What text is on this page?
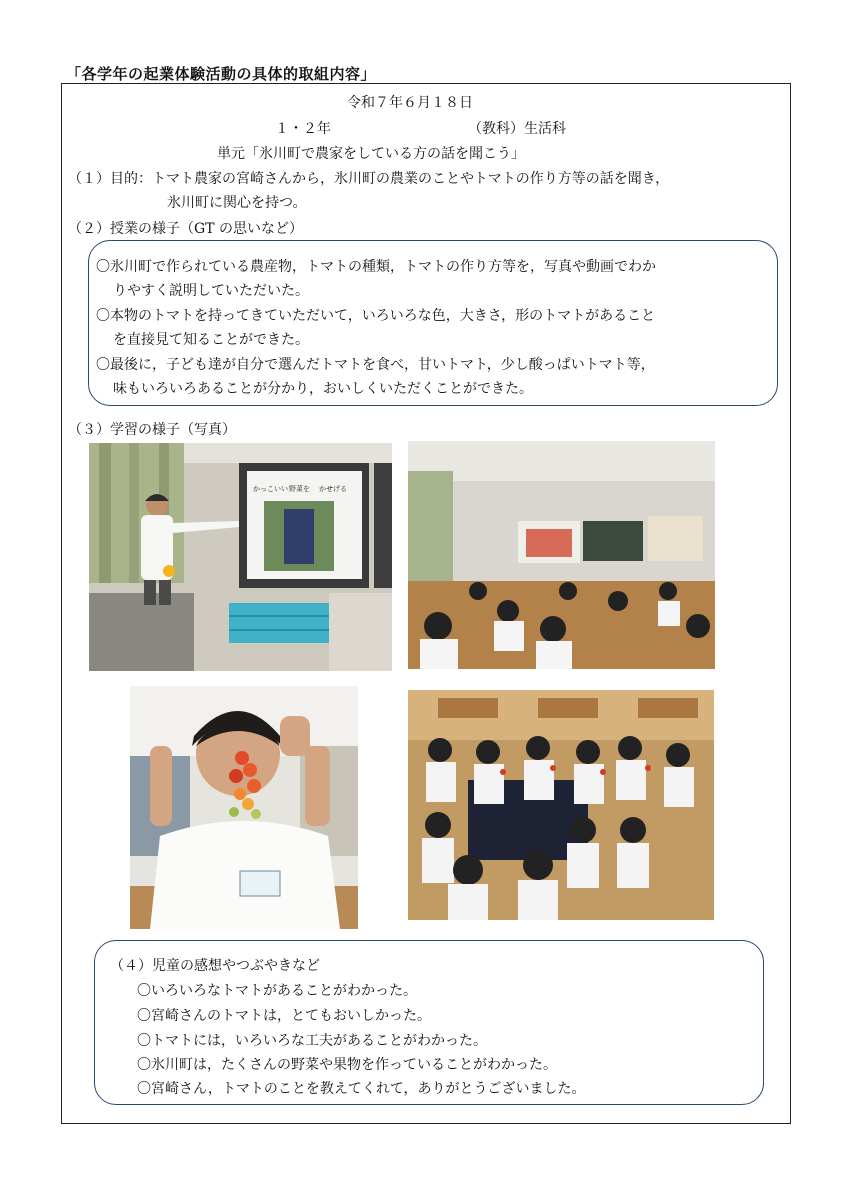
「各学年の起業体験活動の具体的取組内容」
令和７年６月１８日
１・２年	（教科）生活科
単元「氷川町で農家をしている方の話を聞こう」
（１）目的：トマト農家の宮崎さんから，氷川町の農業のことやトマトの作り方等の話を聞き，
氷川町に関心を持つ。
（２）授業の様子（GT の思いなど）
〇氷川町で作られている農産物，トマトの種類，トマトの作り方等を，写真や動画でわか
りやすく説明していただいた。
〇本物のトマトを持ってきていただいて，いろいろな色，大きさ，形のトマトがあること
を直接見て知ることができた。
〇最後に，子ども達が自分で選んだトマトを食べ，甘いトマト，少し酸っぱいトマト等，
味もいろいろあることが分かり，おいしくいただくことができた。
（３）学習の様子（写真）
かっこいい 野菜を かせげる
（４）児童の感想やつぶやきなど
〇いろいろなトマトがあることがわかった。
〇宮崎さんのトマトは，とてもおいしかった。
〇トマトには，いろいろな工夫があることがわかった。
〇氷川町は，たくさんの野菜や果物を作っていることがわかった。
〇宮崎さん，トマトのことを教えてくれて，ありがとうございました。
